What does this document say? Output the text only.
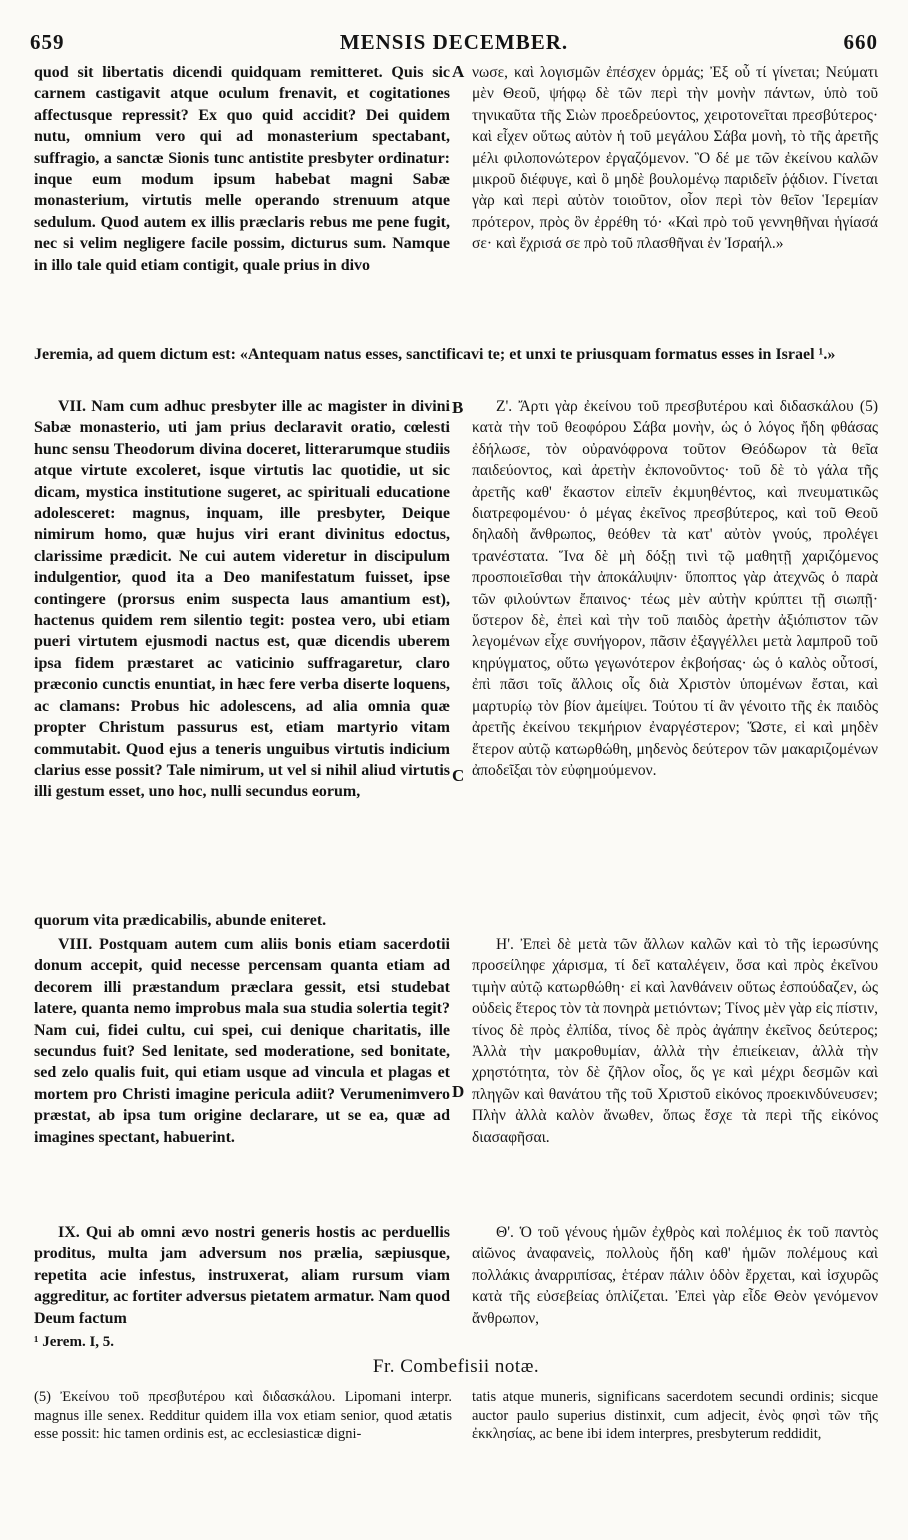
659	MENSIS DECEMBER.	660

quod sit libertatis dicendi quidquam remitteret. Quis sic carnem castigavit atque oculum frenavit, et cogitationes affectusque repressit? Ex quo quid accidit? Dei quidem nutu, omnium vero qui ad monasterium spectabant, suffragio, a sanctæ Sionis tunc antistite presbyter ordinatur: inque eum modum ipsum habebat magni Sabæ monasterium, virtutis melle operando strenuum atque sedulum. Quod autem ex illis præclaris rebus me pene fugit, nec si velim negligere facile possim, dicturus sum. Namque in illo tale quid etiam contigit, quale prius in divo

A νωσε, καὶ λογισμῶν ἐπέσχεν ὁρμάς; Ἐξ οὗ τί γίνεται; Νεύματι μὲν Θεοῦ, ψήφῳ δὲ τῶν περὶ τὴν μονὴν πάντων, ὑπὸ τοῦ τηνικαῦτα τῆς Σιὼν προεδρεύοντος, χειροτονεῖται πρεσβύτερος· καὶ εἶχεν οὕτως αὐτὸν ἡ τοῦ μεγάλου Σάβα μονὴ, τὸ τῆς ἀρετῆς μέλι φιλοπονώτερον ἐργαζόμενον. Ὃ δέ με τῶν ἐκείνου καλῶν μικροῦ διέφυγε, καὶ ὃ μηδὲ βουλομένῳ παριδεῖν ῥᾴδιον. Γίνεται γὰρ καὶ περὶ αὐτὸν τοιοῦτον, οἷον περὶ τὸν θεῖον Ἱερεμίαν πρότερον, πρὸς ὃν ἐρρέθη τό· «Καὶ πρὸ τοῦ γεννηθῆναι ἡγίασά σε· καὶ ἔχρισά σε πρὸ τοῦ πλασθῆναι ἐν Ἰσραήλ.»

Jeremia, ad quem dictum est: «Antequam natus esses, sanctificavi te; et unxi te priusquam formatus esses in Israel ¹.»

VII. Nam cum adhuc presbyter ille ac magister in divini Sabæ monasterio, uti jam prius declaravit oratio, cœlesti hunc sensu Theodorum divina doceret, litterarumque studiis atque virtute excoleret, isque virtutis lac quotidie, ut sic dicam, mystica institutione sugeret, ac spirituali educatione adolesceret: magnus, inquam, ille presbyter, Deique nimirum homo, quæ hujus viri erant divinitus edoctus, clarissime prædicit. Ne cui autem videretur in discipulum indulgentior, quod ita a Deo manifestatum fuisset, ipse contingere (prorsus enim suspecta laus amantium est), hactenus quidem rem silentio tegit: postea vero, ubi etiam pueri virtutem ejusmodi nactus est, quæ dicendis uberem ipsa fidem præstaret ac vaticinio suffragaretur, claro præconio cunctis enuntiat, in hæc fere verba diserte loquens, ac clamans: Probus hic adolescens, ad alia omnia quæ propter Christum passurus est, etiam martyrio vitam commutabit. Quod ejus a teneris unguibus virtutis indicium clarius esse possit? Tale nimirum, ut vel si nihil aliud virtutis illi gestum esset, uno hoc, nulli secundus eorum,

B
C

Ζ'. Ἄρτι γὰρ ἐκείνου τοῦ πρεσβυτέρου καὶ διδασκάλου (5) κατὰ τὴν τοῦ θεοφόρου Σάβα μονὴν, ὡς ὁ λόγος ἤδη φθάσας ἐδήλωσε, τὸν οὐρανόφρονα τοῦτον Θεόδωρον τὰ θεῖα παιδεύοντος, καὶ ἀρετὴν ἐκπονοῦντος· τοῦ δὲ τὸ γάλα τῆς ἀρετῆς καθ' ἕκαστον εἰπεῖν ἐκμυηθέντος, καὶ πνευματικῶς διατρεφομένου· ὁ μέγας ἐκεῖνος πρεσβύτερος, καὶ τοῦ Θεοῦ δηλαδὴ ἄνθρωπος, θεόθεν τὰ κατ' αὐτὸν γνούς, προλέγει τρανέστατα. Ἵνα δὲ μὴ δόξῃ τινὶ τῷ μαθητῇ χαριζόμενος προσποιεῖσθαι τὴν ἀποκάλυψιν· ὕποπτος γὰρ ἀτεχνῶς ὁ παρὰ τῶν φιλούντων ἔπαινος· τέως μὲν αὐτὴν κρύπτει τῇ σιωπῇ· ὕστερον δὲ, ἐπεὶ καὶ τὴν τοῦ παιδὸς ἀρετὴν ἀξιόπιστον τῶν λεγομένων εἶχε συνήγορον, πᾶσιν ἐξαγγέλλει μετὰ λαμπροῦ τοῦ κηρύγματος, οὕτω γεγωνότερον ἐκβοήσας· ὡς ὁ καλὸς οὗτοσί, ἐπὶ πᾶσι τοῖς ἄλλοις οἷς διὰ Χριστὸν ὑπομένων ἔσται, καὶ μαρτυρίῳ τὸν βίον ἀμείψει. Τούτου τί ἂν γένοιτο τῆς ἐκ παιδὸς ἀρετῆς ἐκείνου τεκμήριον ἐναργέστερον; Ὥστε, εἰ καὶ μηδὲν ἕτερον αὐτῷ κατωρθώθη, μηδενὸς δεύτερον τῶν μακαριζομένων ἀποδεῖξαι τὸν εὐφημούμενον.

quorum vita prædicabilis, abunde eniteret.

VIII. Postquam autem cum aliis bonis etiam sacerdotii donum accepit, quid necesse percensam quanta etiam ad decorem illi præstandum præclara gessit, etsi studebat latere, quanta nemo improbus mala sua studia solertia tegit? Nam cui, fidei cultu, cui spei, cui denique charitatis, ille secundus fuit? Sed lenitate, sed moderatione, sed bonitate, sed zelo qualis fuit, qui etiam usque ad vincula et plagas et mortem pro Christi imagine pericula adiit? Verumenimvero præstat, ab ipsa tum origine declarare, ut se ea, quæ ad imagines spectant, habuerint.

D

Η'. Ἐπεὶ δὲ μετὰ τῶν ἄλλων καλῶν καὶ τὸ τῆς ἱερωσύνης προσείληφε χάρισμα, τί δεῖ καταλέγειν, ὅσα καὶ πρὸς ἐκεῖνου τιμὴν αὐτῷ κατωρθώθη· εἰ καὶ λανθάνειν οὕτως ἐσπούδαζεν, ὡς οὐδεὶς ἕτερος τὸν τὰ πονηρὰ μετιόντων; Τίνος μὲν γὰρ εἰς πίστιν, τίνος δὲ πρὸς ἐλπίδα, τίνος δὲ πρὸς ἀγάπην ἐκεῖνος δεύτερος; Ἀλλὰ τὴν μακροθυμίαν, ἀλλὰ τὴν ἐπιείκειαν, ἀλλὰ τὴν χρηστότητα, τὸν δὲ ζῆλον οἷος, ὅς γε καὶ μέχρι δεσμῶν καὶ πληγῶν καὶ θανάτου τῆς τοῦ Χριστοῦ εἰκόνος προεκινδύνευσεν; Πλὴν ἀλλὰ καλὸν ἄνωθεν, ὅπως ἔσχε τὰ περὶ τῆς εἰκόνος διασαφῆσαι.

IX. Qui ab omni ævo nostri generis hostis ac perduellis proditus, multa jam adversum nos prælia, sæpiusque, repetita acie infestus, instruxerat, aliam rursum viam aggreditur, ac fortiter adversus pietatem armatur. Nam quod Deum factum

Θ'. Ὁ τοῦ γένους ἡμῶν ἐχθρὸς καὶ πολέμιος ἐκ τοῦ παντὸς αἰῶνος ἀναφανεὶς, πολλοὺς ἤδη καθ' ἡμῶν πολέμους καὶ πολλάκις ἀναρριπίσας, ἑτέραν πάλιν ὁδὸν ἔρχεται, καὶ ἰσχυρῶς κατὰ τῆς εὐσεβείας ὁπλίζεται. Ἐπεὶ γὰρ εἶδε Θεὸν γενόμενον ἄνθρωπον,

¹ Jerem. I, 5.
Fr. Combefisii notæ.
(5) Ἐκείνου τοῦ πρεσβυτέρου καὶ διδασκάλου. Lipomani interpr. magnus ille senex. Redditur quidem illa vox etiam senior, quod ætatis esse possit: hic tamen ordinis est, ac ecclesiasticæ digni-
tatis atque muneris, significans sacerdotem secundi ordinis; sicque auctor paulo superius distinxit, cum adjecit, ἑνὸς φησὶ τῶν τῆς ἐκκλησίας, ac bene ibi idem interpres, presbyterum reddidit,
